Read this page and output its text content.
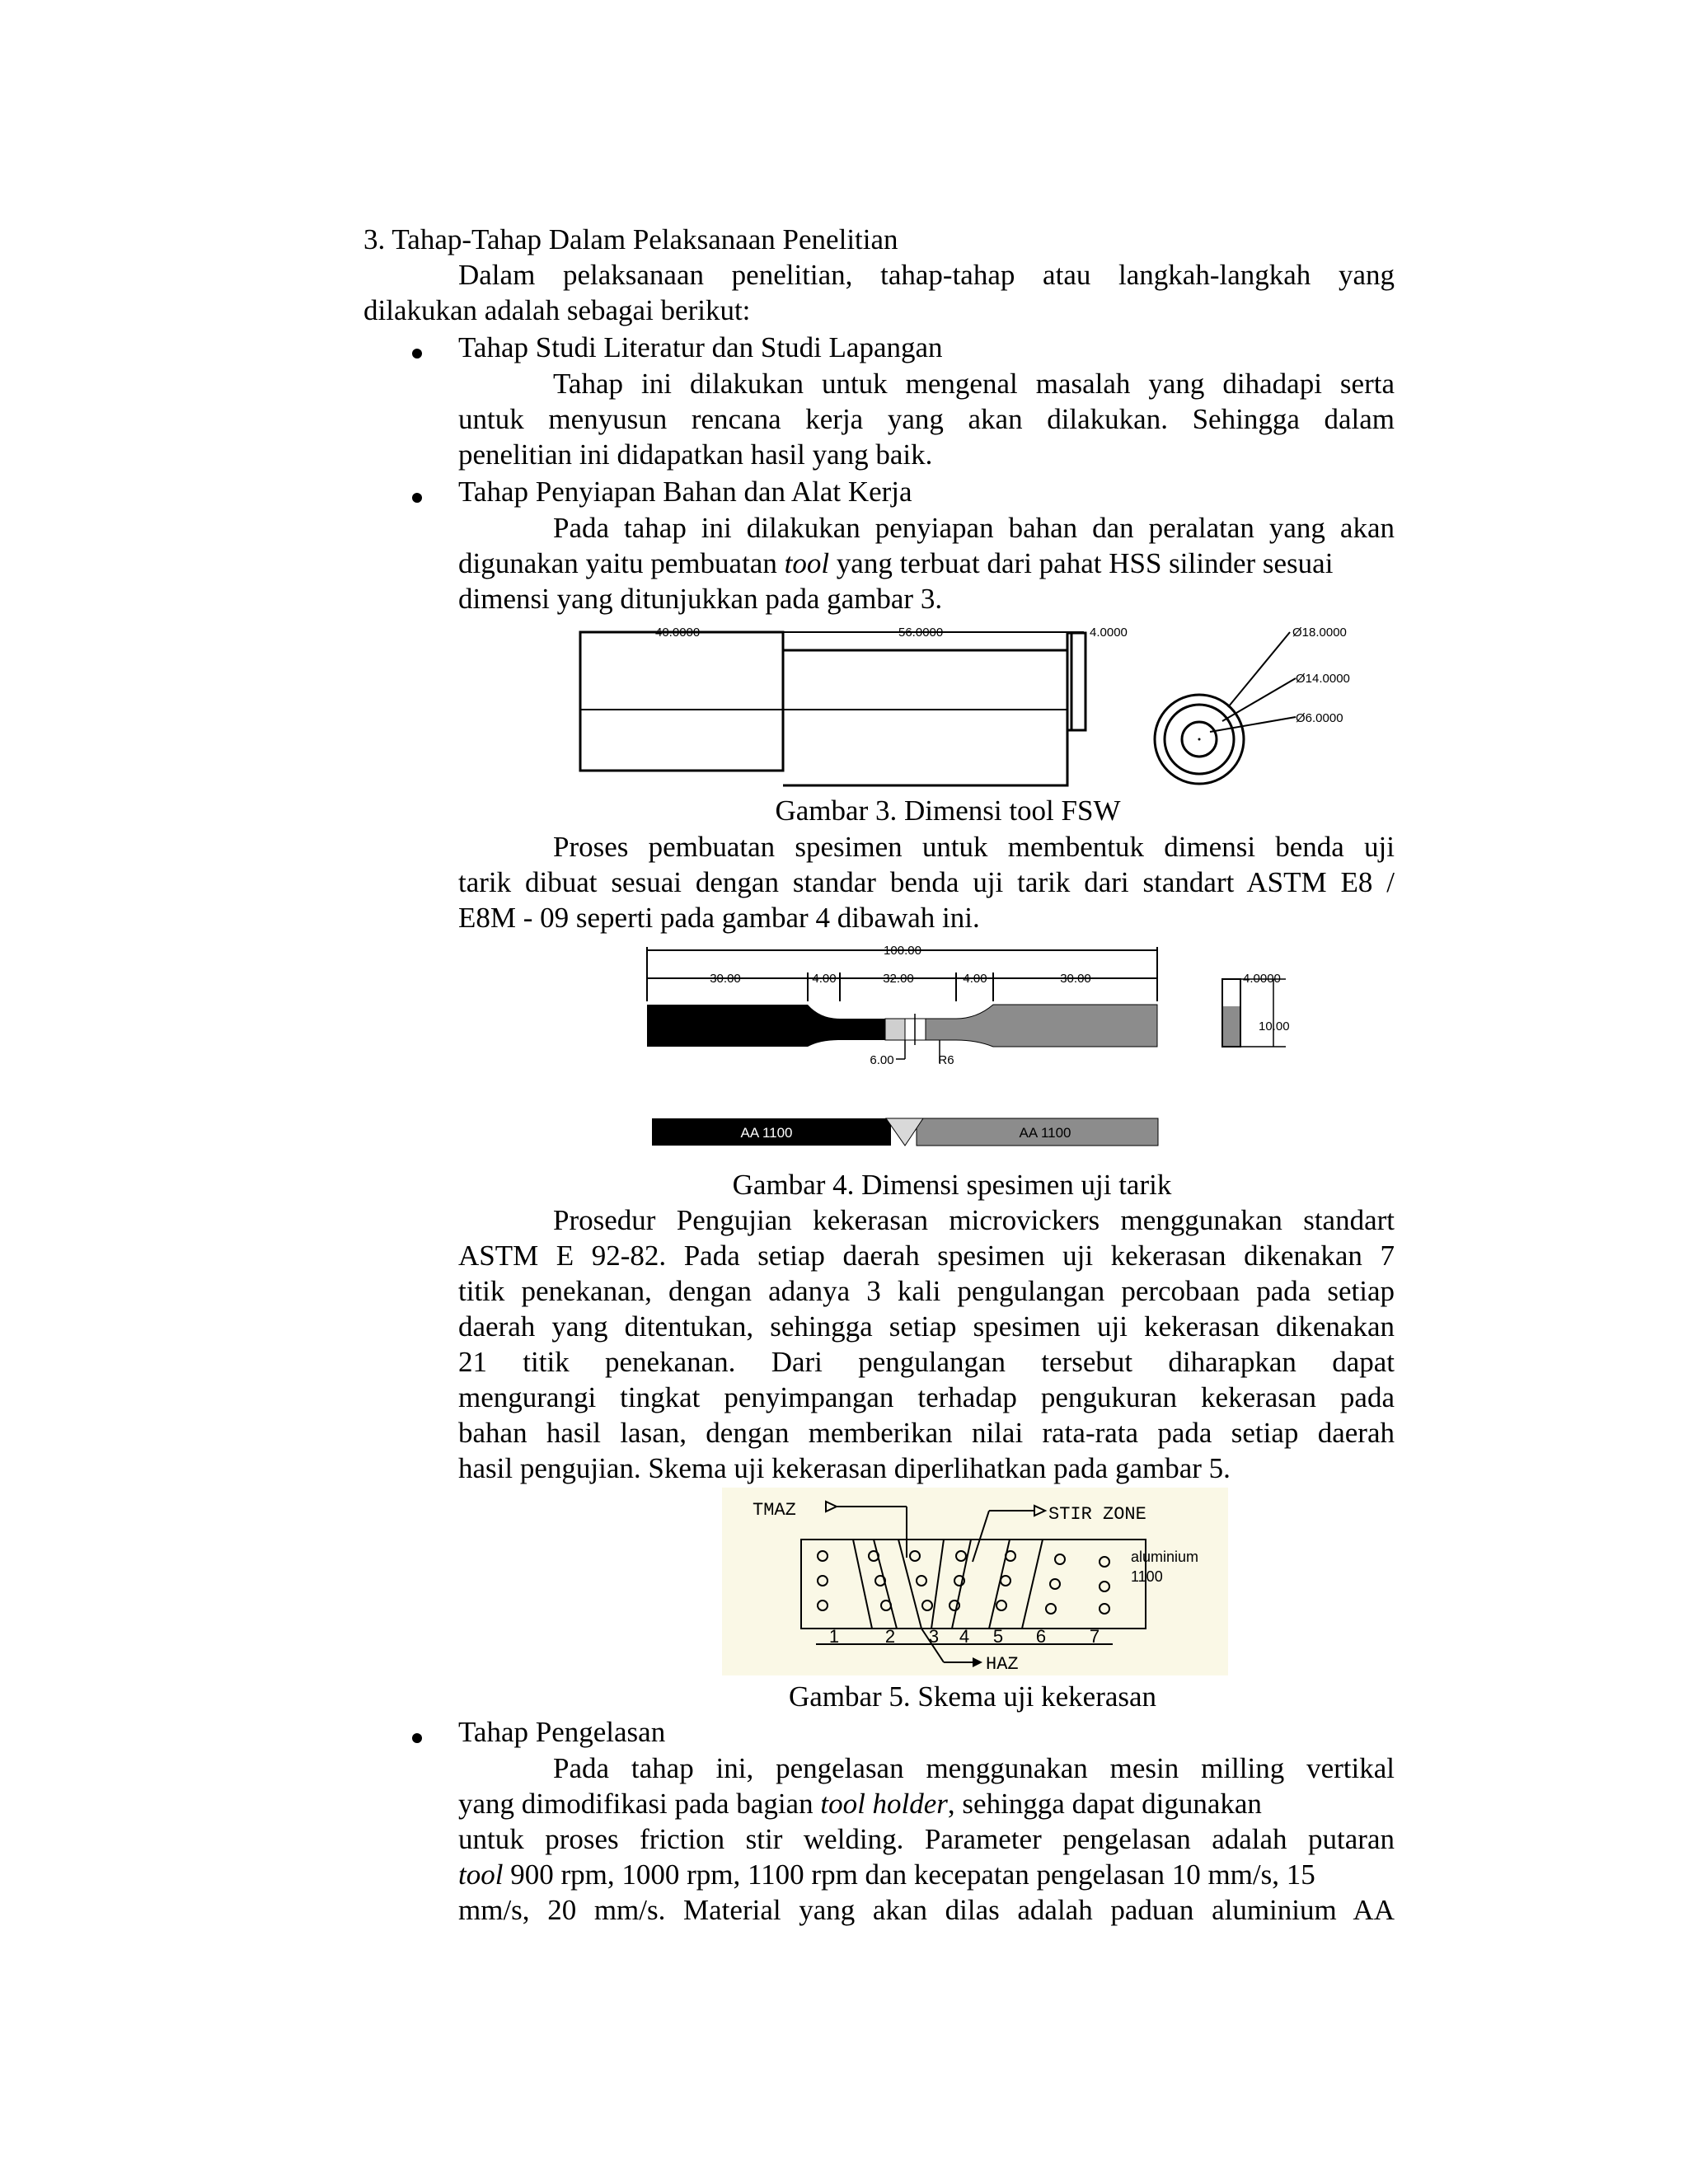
3. Tahap-Tahap Dalam Pelaksanaan Penelitian
Dalam pelaksanaan penelitian, tahap-tahap atau langkah-langkah yang
dilakukan adalah sebagai berikut:
Tahap Studi Literatur dan Studi Lapangan
Tahap ini dilakukan untuk mengenal masalah yang dihadapi serta
untuk menyusun rencana kerja yang akan dilakukan. Sehingga dalam
penelitian ini didapatkan hasil yang baik.
Tahap Penyiapan Bahan dan Alat Kerja
Pada tahap ini dilakukan penyiapan bahan dan peralatan yang akan
digunakan yaitu pembuatan tool yang terbuat dari pahat HSS silinder sesuai
dimensi yang ditunjukkan pada gambar 3.
40.0000	56.0000	4.0000	Ø18.0000
Ø14.0000
Ø6.0000
Gambar 3. Dimensi tool FSW
Proses pembuatan spesimen untuk membentuk dimensi benda uji
tarik dibuat sesuai dengan standar benda uji tarik dari standart ASTM E8 /
E8M - 09 seperti pada gambar 4 dibawah ini.
100.00
30.00	4.00	32.00	4.00	30.00
6.00	R6
4.0000
10.00
AA 1100	AA 1100
Gambar 4. Dimensi spesimen uji tarik
Prosedur Pengujian kekerasan microvickers menggunakan standart
ASTM E 92-82. Pada setiap daerah spesimen uji kekerasan dikenakan 7
titik penekanan, dengan adanya 3 kali pengulangan percobaan pada setiap
daerah yang ditentukan, sehingga setiap spesimen uji kekerasan dikenakan
21 titik penekanan. Dari pengulangan tersebut diharapkan dapat
mengurangi tingkat penyimpangan terhadap pengukuran kekerasan pada
bahan hasil lasan, dengan memberikan nilai rata-rata pada setiap daerah
hasil pengujian. Skema uji kekerasan diperlihatkan pada gambar 5.
TMAZ	STIR ZONE
HAZ
aluminium
1100
1	2 3 4 5 6 7
Gambar 5. Skema uji kekerasan
Tahap Pengelasan
Pada tahap ini, pengelasan menggunakan mesin milling vertikal
yang dimodifikasi pada bagian tool holder, sehingga dapat digunakan
untuk proses friction stir welding. Parameter pengelasan adalah putaran
tool 900 rpm, 1000 rpm, 1100 rpm dan kecepatan pengelasan 10 mm/s, 15
mm/s, 20 mm/s. Material yang akan dilas adalah paduan aluminium AA
